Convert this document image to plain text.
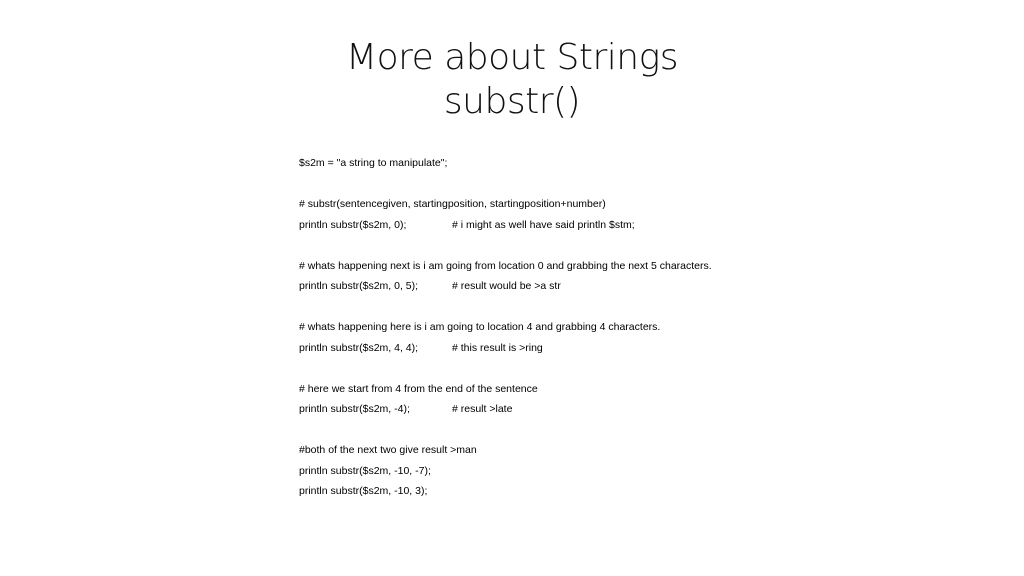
More about Strings
substr()
$s2m = "a string to manipulate";
# substr(sentencegiven, startingposition, startingposition+number)
println substr($s2m, 0);	# i might as well have said println $stm;
# whats happening next is i am going from location 0 and grabbing the next 5 characters.
println substr($s2m, 0, 5);	# result would be >a str
# whats happening here is i am going to location 4 and grabbing 4 characters.
println substr($s2m, 4, 4);	# this result is >ring
# here we start from 4 from the end of the sentence
println substr($s2m, -4);	# result >late
#both of the next two give result >man
println substr($s2m, -10, -7);
println substr($s2m, -10, 3);
